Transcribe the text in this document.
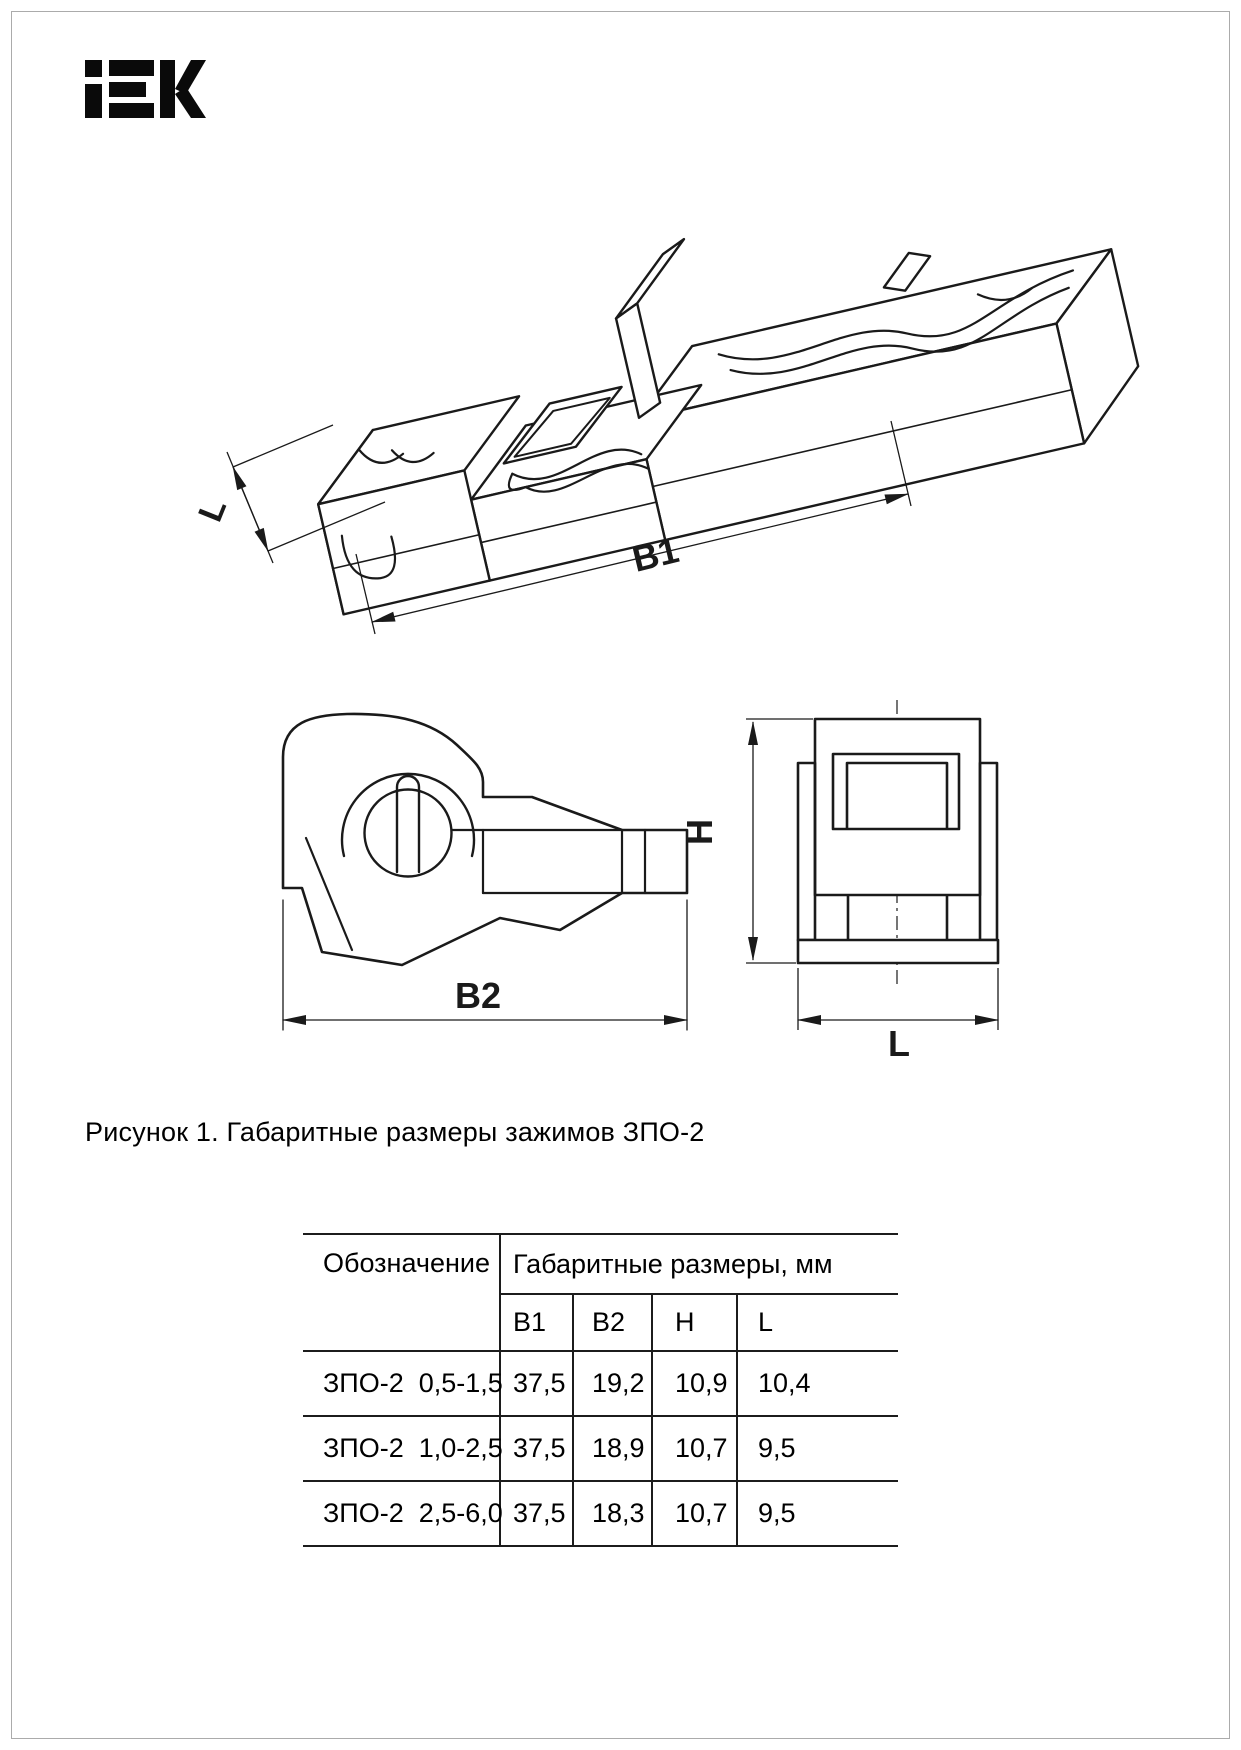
L
B1
B2
H
L
Рисунок 1. Габаритные размеры зажимов ЗПО-2
Обозначение	Габаритные размеры, мм			
	B1	B2	H	L
ЗПО-2  0,5-1,5	37,5	19,2	10,9	10,4
ЗПО-2  1,0-2,5	37,5	18,9	10,7	9,5
ЗПО-2  2,5-6,0	37,5	18,3	10,7	9,5
